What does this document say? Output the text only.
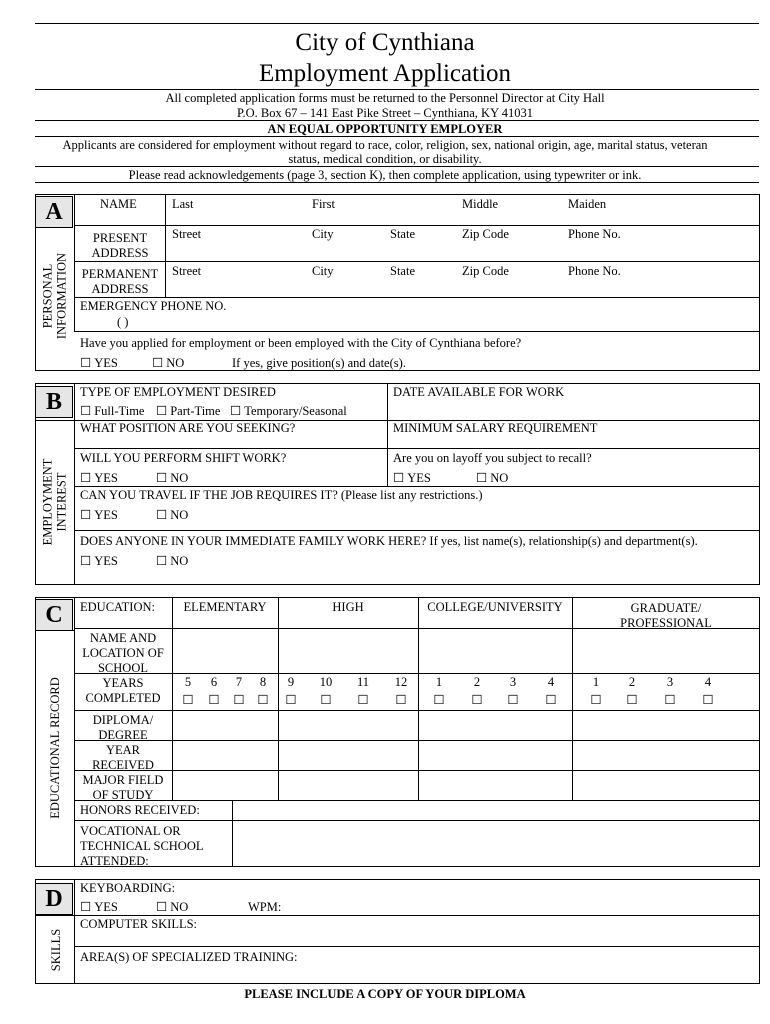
City of Cynthiana
Employment Application
All completed application forms must be returned to the Personnel Director at City Hall
P.O. Box 67 – 141 East Pike Street – Cynthiana, KY 41031
AN EQUAL OPPORTUNITY EMPLOYER
Applicants are considered for employment without regard to race, color, religion, sex, national origin, age, marital status, veteran
status, medical condition, or disability.
Please read acknowledgements (page 3, section K), then complete application, using typewriter or ink.
A
PERSONAL
INFORMATION
NAME	Last	First	Middle	Maiden
PRESENT
ADDRESS
Street	City	State	Zip Code	Phone No.
PERMANENT
ADDRESS
Street	City	State	Zip Code	Phone No.
EMERGENCY PHONE NO.
( )
Have you applied for employment or been employed with the City of Cynthiana before?
☐ YES	☐ NO	If yes, give position(s) and date(s).
B
EMPLOYMENT
INTEREST
TYPE OF EMPLOYMENT DESIRED
☐ Full-Time	☐ Part-Time	☐ Temporary/Seasonal
DATE AVAILABLE FOR WORK
WHAT POSITION ARE YOU SEEKING?	MINIMUM SALARY REQUIREMENT
WILL YOU PERFORM SHIFT WORK?
☐ YES	☐ NO
Are you on layoff you subject to recall?
☐ YES	☐ NO
CAN YOU TRAVEL IF THE JOB REQUIRES IT? (Please list any restrictions.)
☐ YES	☐ NO
DOES ANYONE IN YOUR IMMEDIATE FAMILY WORK HERE? If yes, list name(s), relationship(s) and department(s).
☐ YES	☐ NO
C
EDUCATIONAL RECORD
EDUCATION:	ELEMENTARY	HIGH	COLLEGE/UNIVERSITY	GRADUATE/
PROFESSIONAL
NAME AND
LOCATION OF
SCHOOL
YEARS
COMPLETED
5	6	7	8	9	10	11	12	1	2	3	4	1	2	3	4
☐	☐	☐	☐	☐	☐	☐	☐	☐	☐	☐	☐	☐	☐	☐	☐
DIPLOMA/
DEGREE
YEAR
RECEIVED
MAJOR FIELD
OF STUDY
HONORS RECEIVED:
VOCATIONAL OR
TECHNICAL SCHOOL
ATTENDED:
D
SKILLS
KEYBOARDING:
☐ YES	☐ NO	WPM:
COMPUTER SKILLS:
AREA(S) OF SPECIALIZED TRAINING:
PLEASE INCLUDE A COPY OF YOUR DIPLOMA
